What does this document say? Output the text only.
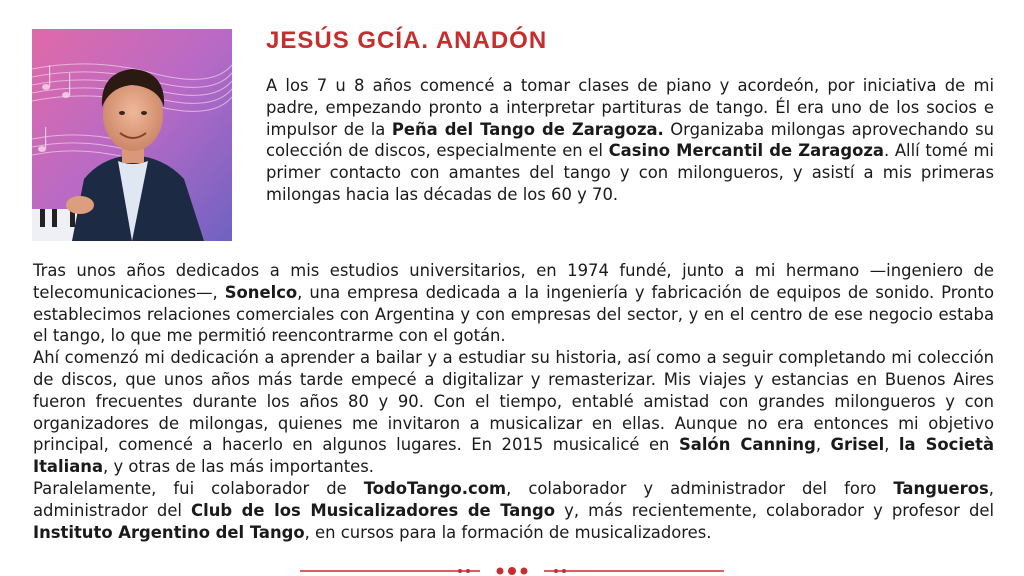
JESÚS GCÍA. ANADÓN

A los 7 u 8 años comencé a tomar clases de piano y acordeón, por iniciativa de mi padre, empezando pronto a interpretar partituras de tango. Él era uno de los socios e impulsor de la Peña del Tango de Zaragoza. Organizaba milongas aprovechando su colección de discos, especialmente en el Casino Mercantil de Zaragoza. Allí tomé mi primer contacto con amantes del tango y con milongueros, y asistí a mis primeras milongas hacia las décadas de los 60 y 70.

Tras unos años dedicados a mis estudios universitarios, en 1974 fundé, junto a mi hermano —ingeniero de telecomunicaciones—, Sonelco, una empresa dedicada a la ingeniería y fabricación de equipos de sonido. Pronto establecimos relaciones comerciales con Argentina y con empresas del sector, y en el centro de ese negocio estaba el tango, lo que me permitió reencontrarme con el gotán.
Ahí comenzó mi dedicación a aprender a bailar y a estudiar su historia, así como a seguir completando mi colección de discos, que unos años más tarde empecé a digitalizar y remasterizar. Mis viajes y estancias en Buenos Aires fueron frecuentes durante los años 80 y 90. Con el tiempo, entablé amistad con grandes milongueros y con organizadores de milongas, quienes me invitaron a musicalizar en ellas. Aunque no era entonces mi objetivo principal, comencé a hacerlo en algunos lugares. En 2015 musicalicé en Salón Canning, Grisel, la Società Italiana, y otras de las más importantes.
Paralelamente, fui colaborador de TodoTango.com, colaborador y administrador del foro Tangueros, administrador del Club de los Musicalizadores de Tango y, más recientemente, colaborador y profesor del Instituto Argentino del Tango, en cursos para la formación de musicalizadores.
